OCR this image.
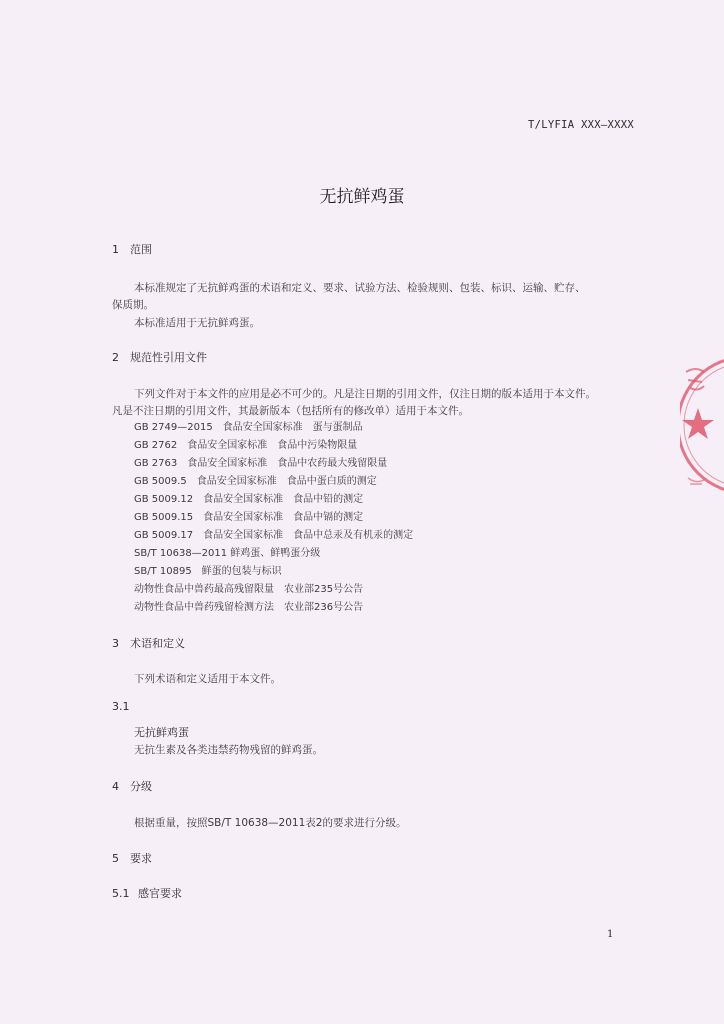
T/LYFIA XXX—XXXX
无抗鲜鸡蛋
1 范围
本标准规定了无抗鲜鸡蛋的术语和定义、要求、试验方法、检验规则、包装、标识、运输、贮存、
保质期。
本标准适用于无抗鲜鸡蛋。
2 规范性引用文件
下列文件对于本文件的应用是必不可少的。凡是注日期的引用文件，仅注日期的版本适用于本文件。
凡是不注日期的引用文件，其最新版本（包括所有的修改单）适用于本文件。
GB 2749—2015　食品安全国家标准　蛋与蛋制品
GB 2762　食品安全国家标准　食品中污染物限量
GB 2763　食品安全国家标准　食品中农药最大残留限量
GB 5009.5　食品安全国家标准　食品中蛋白质的测定
GB 5009.12　食品安全国家标准　食品中铅的测定
GB 5009.15　食品安全国家标准　食品中镉的测定
GB 5009.17　食品安全国家标准　食品中总汞及有机汞的测定
SB/T 10638—2011 鲜鸡蛋、鲜鸭蛋分级
SB/T 10895　鲜蛋的包装与标识
动物性食品中兽药最高残留限量　农业部235号公告
动物性食品中兽药残留检测方法　农业部236号公告
3 术语和定义
下列术语和定义适用于本文件。
3.1
无抗鲜鸡蛋
无抗生素及各类违禁药物残留的鲜鸡蛋。
4 分级
根据重量，按照SB/T 10638—2011表2的要求进行分级。
5 要求
5.1 感官要求
1
